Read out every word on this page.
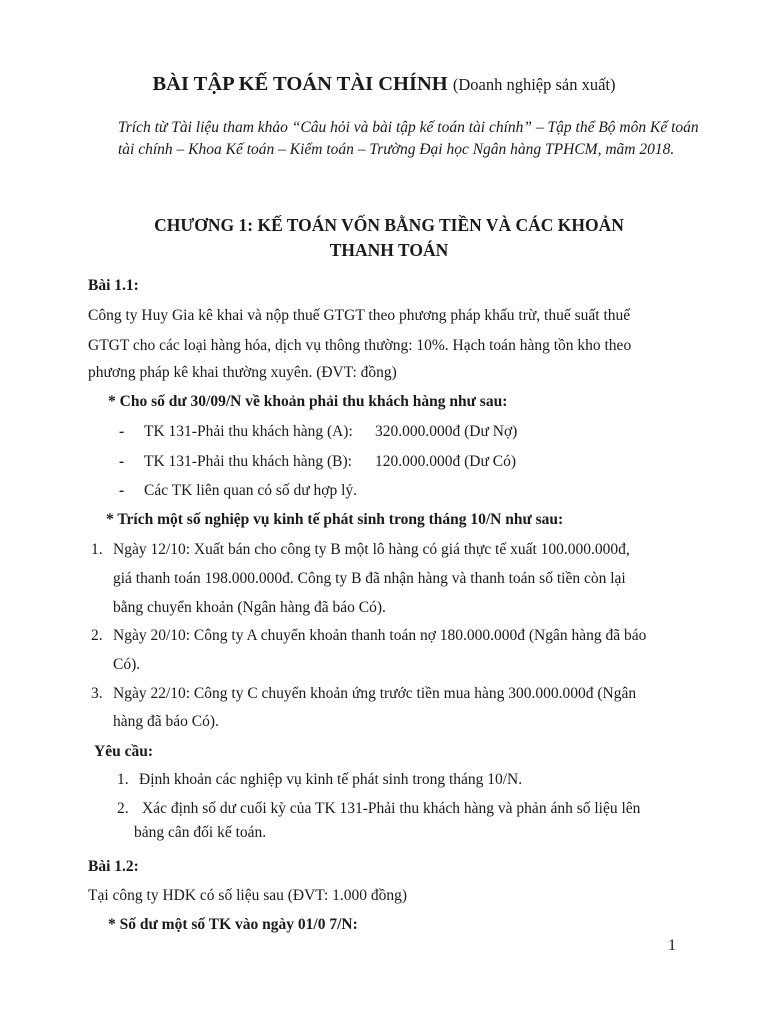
BÀI TẬP KẾ TOÁN TÀI CHÍNH (Doanh nghiệp sản xuất)
Trích từ Tài liệu tham khảo “Câu hỏi và bài tập kế toán tài chính” – Tập thể Bộ môn Kế toán
tài chính – Khoa Kế toán – Kiểm toán – Trường Đại học Ngân hàng TPHCM, mãm 2018.
CHƯƠNG 1: KẾ TOÁN VỐN BẰNG TIỀN VÀ CÁC KHOẢN
THANH TOÁN
Bài 1.1:
Công ty Huy Gia kê khai và nộp thuế GTGT theo phương pháp khấu trừ, thuế suất thuế
GTGT cho các loại hàng hóa, dịch vụ thông thường: 10%. Hạch toán hàng tồn kho theo
phương pháp kê khai thường xuyên. (ĐVT: đồng)
* Cho số dư 30/09/N về khoản phải thu khách hàng như sau:
- TK 131-Phải thu khách hàng (A): 320.000.000đ (Dư Nợ)
- TK 131-Phải thu khách hàng (B): 120.000.000đ (Dư Có)
- Các TK liên quan có số dư hợp lý.
* Trích một số nghiệp vụ kinh tế phát sinh trong tháng 10/N như sau:
1. Ngày 12/10: Xuất bán cho công ty B một lô hàng có giá thực tế xuất 100.000.000đ,
giá thanh toán 198.000.000đ. Công ty B đã nhận hàng và thanh toán số tiền còn lại
bằng chuyển khoản (Ngân hàng đã báo Có).
2. Ngày 20/10: Công ty A chuyển khoản thanh toán nợ 180.000.000đ (Ngân hàng đã báo
Có).
3. Ngày 22/10: Công ty C chuyển khoản ứng trước tiền mua hàng 300.000.000đ (Ngân
hàng đã báo Có).
Yêu cầu:
1. Định khoản các nghiệp vụ kinh tế phát sinh trong tháng 10/N.
2. Xác định số dư cuối kỳ của TK 131-Phải thu khách hàng và phản ánh số liệu lên
bảng cân đối kế toán.
Bài 1.2:
Tại công ty HDK có số liệu sau (ĐVT: 1.000 đồng)
* Số dư một số TK vào ngày 01/0 7/N:
1
